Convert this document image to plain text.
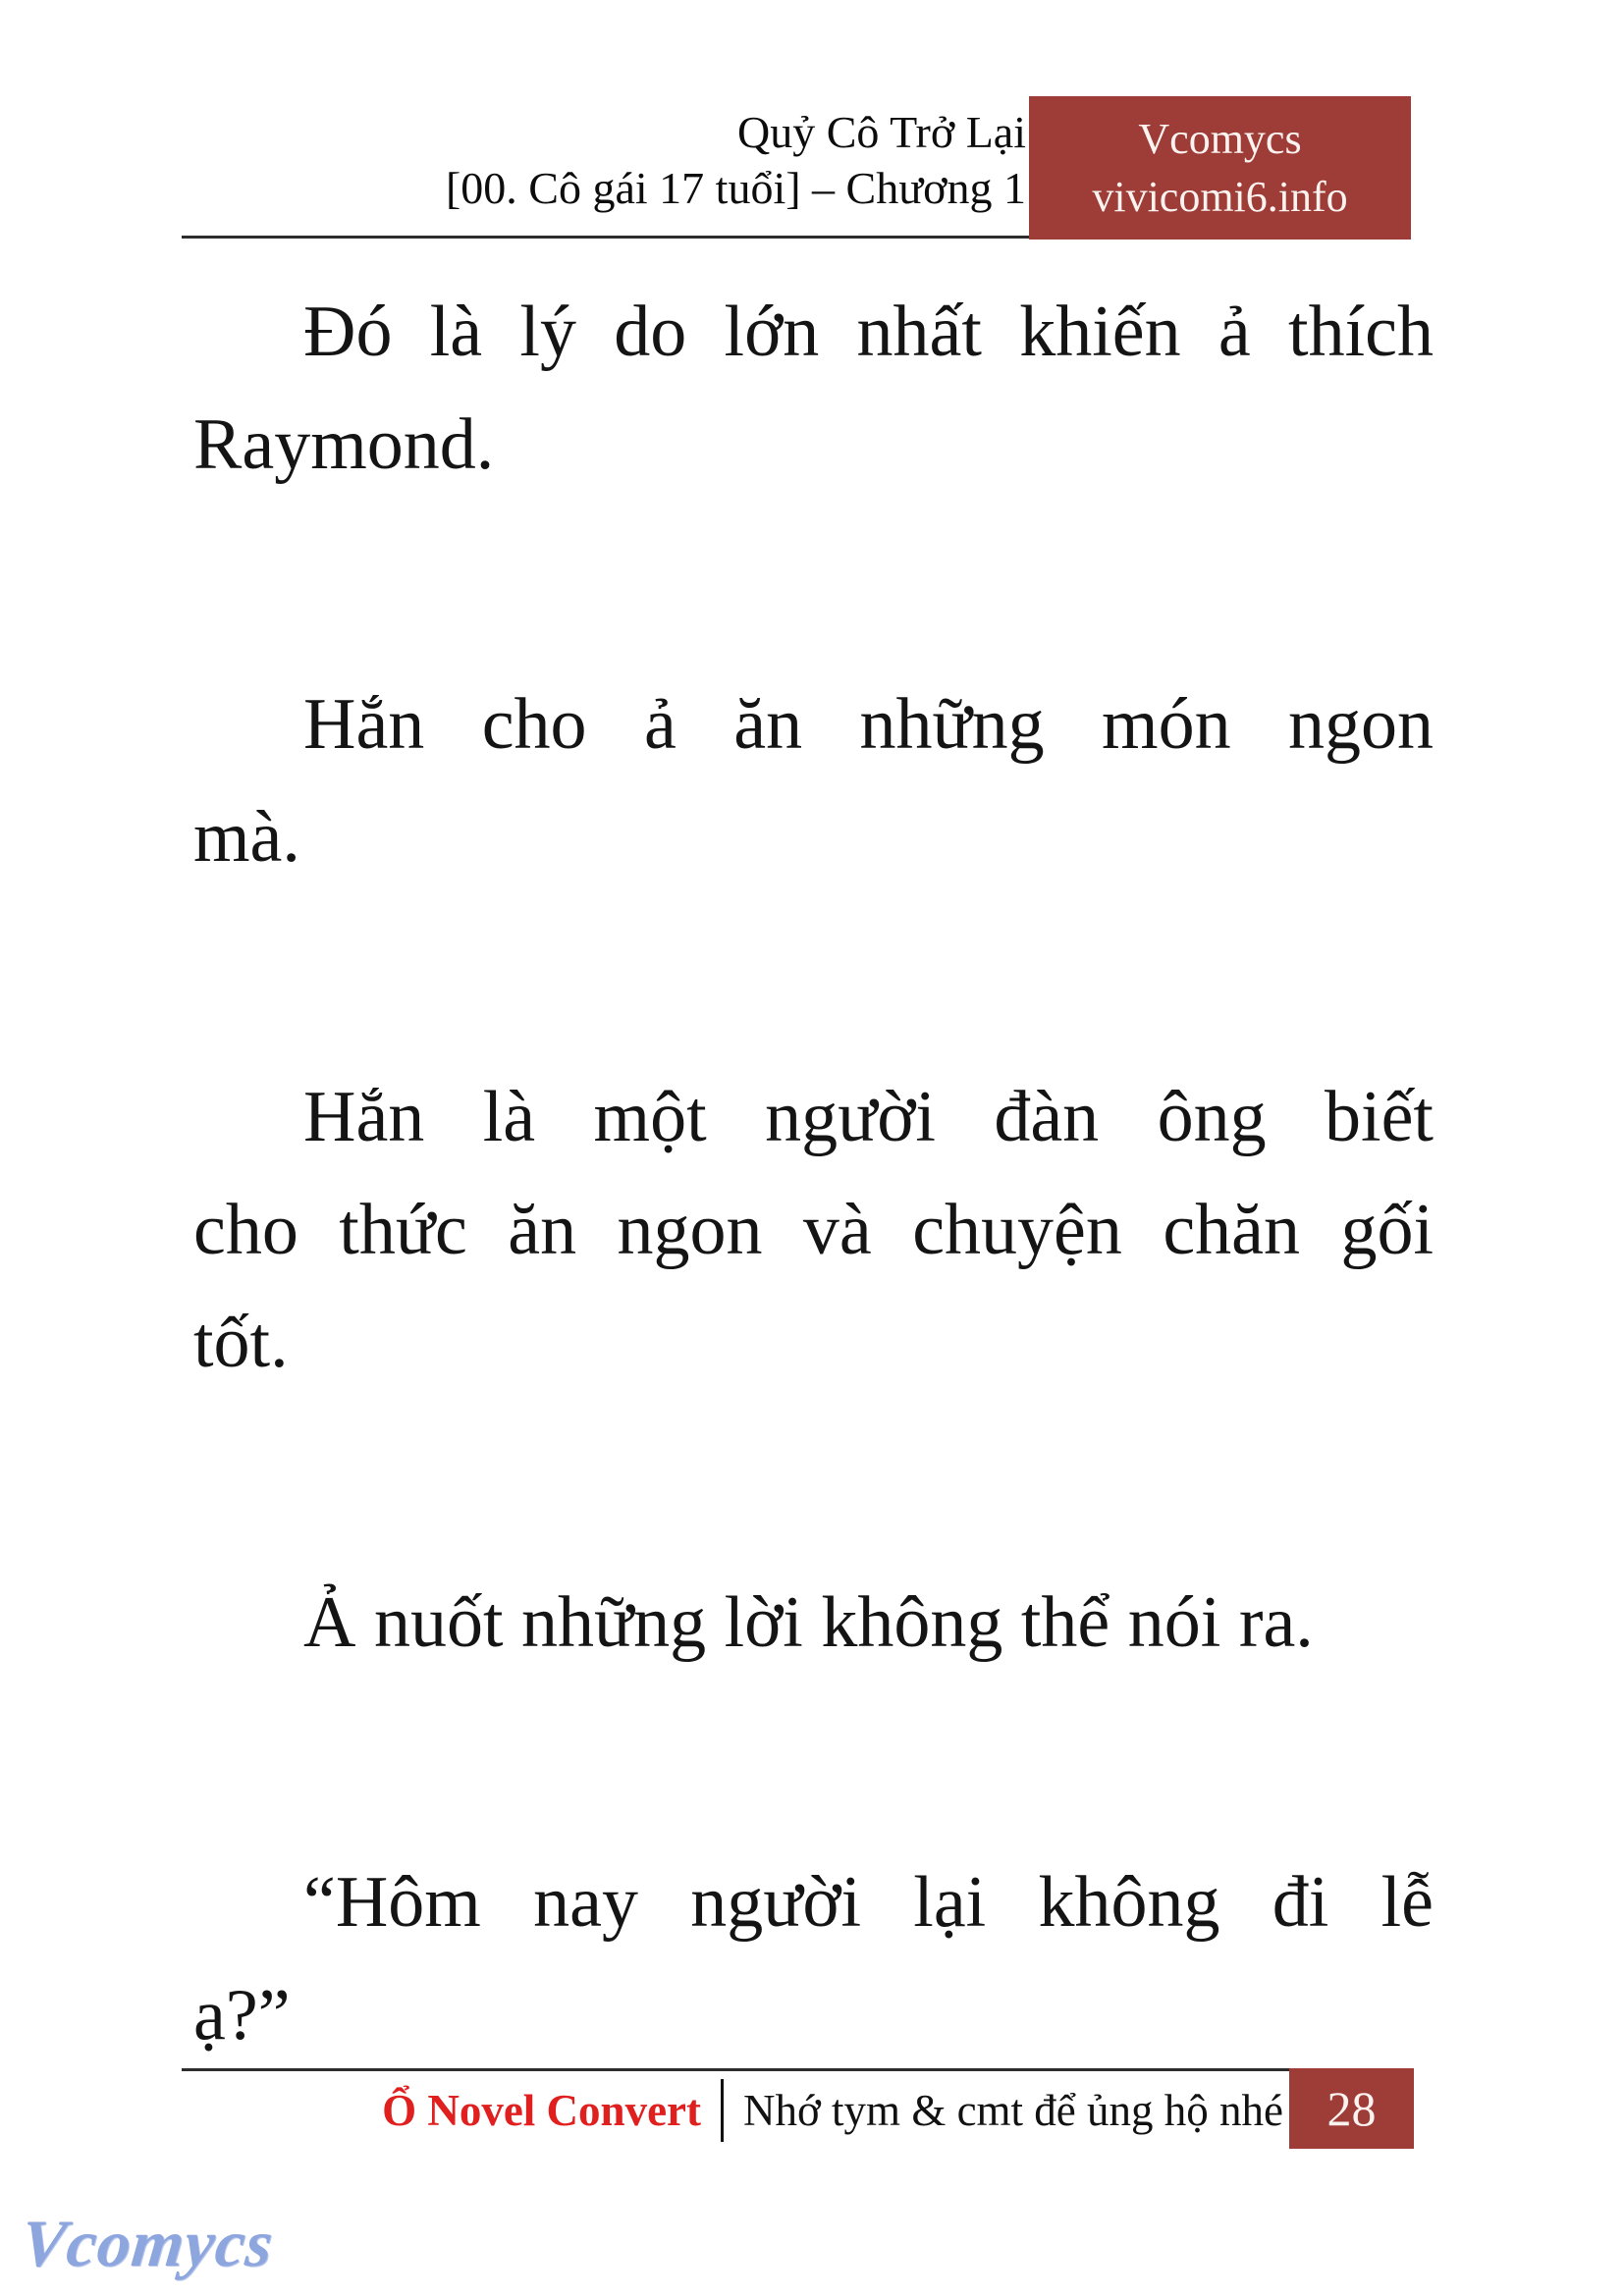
Quỷ Cô Trở Lại
[00. Cô gái 17 tuổi] – Chương 1
Vcomycs
vivicomi6.info
Đó là lý do lớn nhất khiến ả thích
Raymond.
Hắn cho ả ăn những món ngon
mà.
Hắn là một người đàn ông biết
cho thức ăn ngon và chuyện chăn gối
tốt.
Ả nuốt những lời không thể nói ra.
“Hôm nay người lại không đi lễ
ạ?”
Ổ Novel Convert Nhớ tym & cmt để ủng hộ nhé 28
Vcomycs
